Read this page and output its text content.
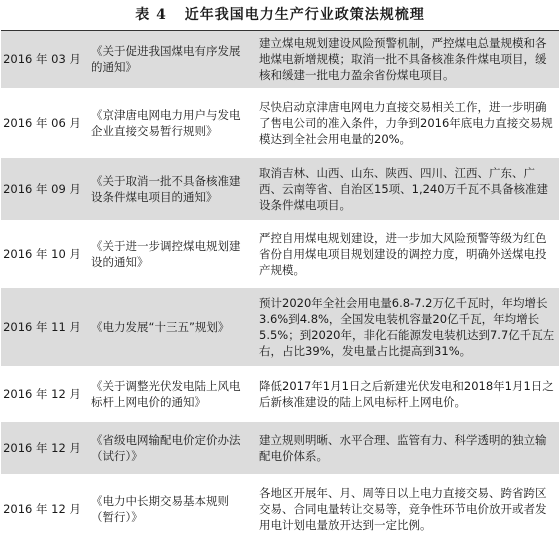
表 4 近年我国电力生产行业政策法规梳理
2016 年 03 月	《关于促进我国煤电有序发展的通知》	建立煤电规划建设风险预警机制，严控煤电总量规模和各地煤电新增规模；取消一批不具备核准条件煤电项目，缓核和缓建一批电力盈余省份煤电项目。
2016 年 06 月	《京津唐电网电力用户与发电企业直接交易暂行规则》	尽快启动京津唐电网电力直接交易相关工作，进一步明确了售电公司的准入条件，力争到2016年底电力直接交易规模达到全社会用电量的20%。
2016 年 09 月	《关于取消一批不具备核准建设条件煤电项目的通知》	取消吉林、山西、山东、陕西、四川、江西、广东、广西、云南等省、自治区15项、1,240万千瓦不具备核准建设条件煤电项目。
2016 年 10 月	《关于进一步调控煤电规划建设的通知》	严控自用煤电规划建设，进一步加大风险预警等级为红色省份自用煤电项目规划建设的调控力度，明确外送煤电投产规模。
2016 年 11 月	《电力发展“十三五”规划》	预计2020年全社会用电量6.8-7.2万亿千瓦时，年均增长3.6%到4.8%，全国发电装机容量20亿千瓦，年均增长5.5%；到2020年，非化石能源发电装机达到7.7亿千瓦左右，占比39%，发电量占比提高到31%。
2016 年 12 月	《关于调整光伏发电陆上风电标杆上网电价的通知》	降低2017年1月1日之后新建光伏发电和2018年1月1日之后新核准建设的陆上风电标杆上网电价。
2016 年 12 月	《省级电网输配电价定价办法（试行）》	建立规则明晰、水平合理、监管有力、科学透明的独立输配电价体系。
2016 年 12 月	《电力中长期交易基本规则（暂行）》	各地区开展年、月、周等日以上电力直接交易、跨省跨区交易、合同电量转让交易等，竞争性环节电价放开或者发用电计划电量放开达到一定比例。
